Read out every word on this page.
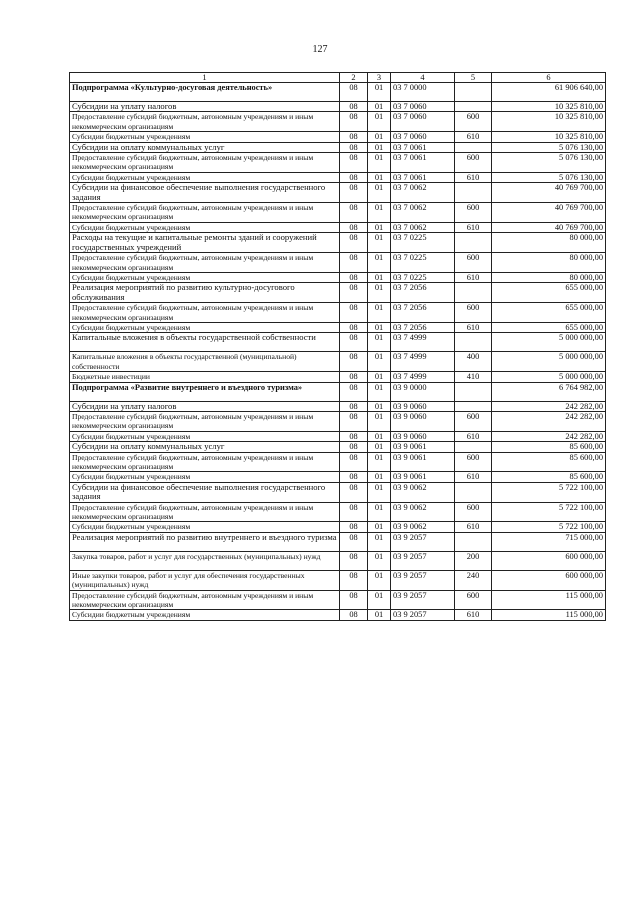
127
1	2	3	4	5	6
Подпрограмма «Культурно-досуговая деятельность»	08	01	03 7 0000		61 906 640,00
Субсидии на уплату налогов	08	01	03 7 0060		10 325 810,00
Предоставление субсидий бюджетным, автономным учреждениям и иным некоммерческим организациям	08	01	03 7 0060	600	10 325 810,00
Субсидии бюджетным учреждениям	08	01	03 7 0060	610	10 325 810,00
Субсидии на оплату коммунальных услуг	08	01	03 7 0061		5 076 130,00
Предоставление субсидий бюджетным, автономным учреждениям и иным некоммерческим организациям	08	01	03 7 0061	600	5 076 130,00
Субсидии бюджетным учреждениям	08	01	03 7 0061	610	5 076 130,00
Субсидии на финансовое обеспечение выполнения государственного задания	08	01	03 7 0062		40 769 700,00
Предоставление субсидий бюджетным, автономным учреждениям и иным некоммерческим организациям	08	01	03 7 0062	600	40 769 700,00
Субсидии бюджетным учреждениям	08	01	03 7 0062	610	40 769 700,00
Расходы на текущие и капитальные ремонты зданий и сооружений государственных учреждений	08	01	03 7 0225		80 000,00
Предоставление субсидий бюджетным, автономным учреждениям и иным некоммерческим организациям	08	01	03 7 0225	600	80 000,00
Субсидии бюджетным учреждениям	08	01	03 7 0225	610	80 000,00
Реализация мероприятий по развитию культурно-досугового обслуживания	08	01	03 7 2056		655 000,00
Предоставление субсидий бюджетным, автономным учреждениям и иным некоммерческим организациям	08	01	03 7 2056	600	655 000,00
Субсидии бюджетным учреждениям	08	01	03 7 2056	610	655 000,00
Капитальные вложения в объекты государственной собственности	08	01	03 7 4999		5 000 000,00
Капитальные вложения в объекты государственной (муниципальной) собственности	08	01	03 7 4999	400	5 000 000,00
Бюджетные инвестиции	08	01	03 7 4999	410	5 000 000,00
Подпрограмма «Развитие внутреннего и въездного туризма»	08	01	03 9 0000		6 764 982,00
Субсидии на уплату налогов	08	01	03 9 0060		242 282,00
Предоставление субсидий бюджетным, автономным учреждениям и иным некоммерческим организациям	08	01	03 9 0060	600	242 282,00
Субсидии бюджетным учреждениям	08	01	03 9 0060	610	242 282,00
Субсидии на оплату коммунальных услуг	08	01	03 9 0061		85 600,00
Предоставление субсидий бюджетным, автономным учреждениям и иным некоммерческим организациям	08	01	03 9 0061	600	85 600,00
Субсидии бюджетным учреждениям	08	01	03 9 0061	610	85 600,00
Субсидии на финансовое обеспечение выполнения государственного задания	08	01	03 9 0062		5 722 100,00
Предоставление субсидий бюджетным, автономным учреждениям и иным некоммерческим организациям	08	01	03 9 0062	600	5 722 100,00
Субсидии бюджетным учреждениям	08	01	03 9 0062	610	5 722 100,00
Реализация мероприятий по развитию внутреннего и въездного туризма	08	01	03 9 2057		715 000,00
Закупка товаров, работ и услуг для государственных (муниципальных) нужд	08	01	03 9 2057	200	600 000,00
Иные закупки товаров, работ и услуг для обеспечения государственных (муниципальных) нужд	08	01	03 9 2057	240	600 000,00
Предоставление субсидий бюджетным, автономным учреждениям и иным некоммерческим организациям	08	01	03 9 2057	600	115 000,00
Субсидии бюджетным учреждениям	08	01	03 9 2057	610	115 000,00
